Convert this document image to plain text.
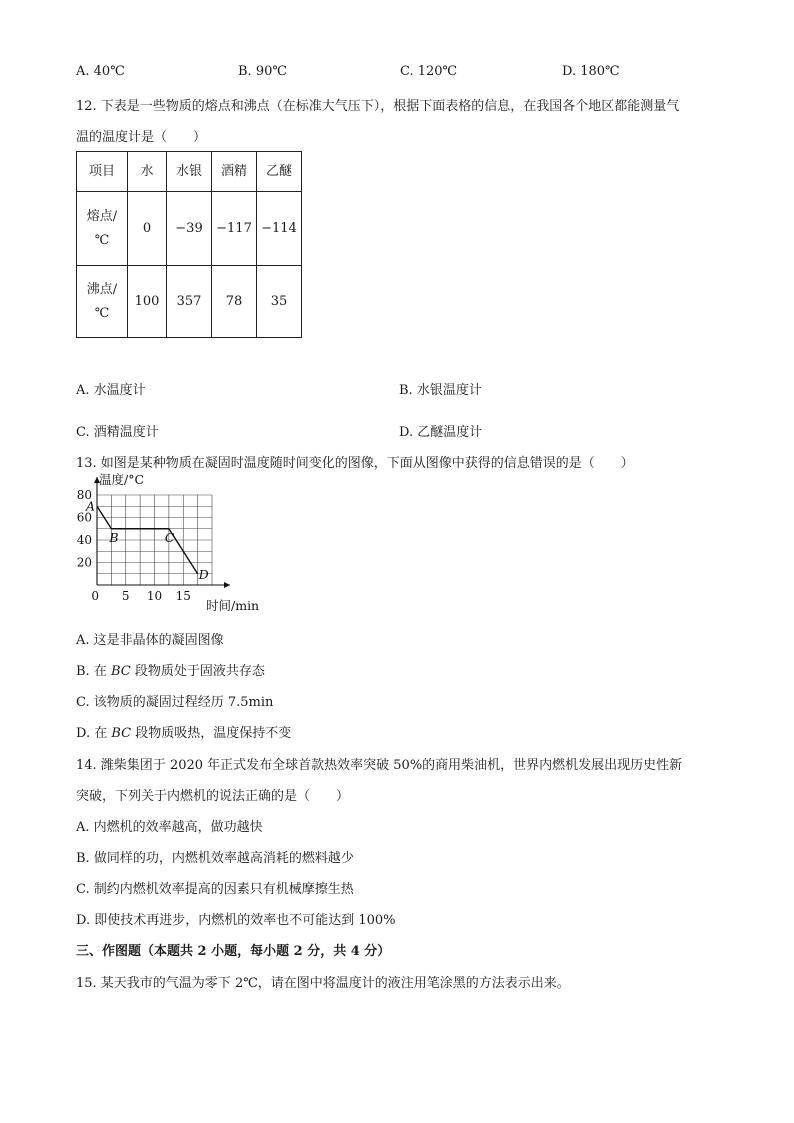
A. 40℃	B. 90℃	C. 120℃	D. 180℃
12. 下表是一些物质的熔点和沸点（在标准大气压下），根据下面表格的信息，在我国各个地区都能测量气
温的温度计是（　　）
项目	水	水银	酒精	乙醚

熔点/
℃	0	−39	−117	−114

沸点/
℃	100	357	78	35
A. 水温度计	B. 水银温度计
C. 酒精温度计	D. 乙醚温度计
13. 如图是某种物质在凝固时温度随时间变化的图像，下面从图像中获得的信息错误的是（　　）
温度/°C
时间/min
20
40
60
80
0 5 10 15
A
B	C
D
A. 这是非晶体的凝固图像
B. 在 BC 段物质处于固液共存态
C. 该物质的凝固过程经历 7.5min
D. 在 BC 段物质吸热，温度保持不变
14. 潍柴集团于 2020 年正式发布全球首款热效率突破 50%的商用柴油机，世界内燃机发展出现历史性新
突破，下列关于内燃机的说法正确的是（　　）
A. 内燃机的效率越高，做功越快
B. 做同样的功，内燃机效率越高消耗的燃料越少
C. 制约内燃机效率提高的因素只有机械摩擦生热
D. 即使技术再进步，内燃机的效率也不可能达到 100%
三、作图题（本题共 2 小题，每小题 2 分，共 4 分）
15. 某天我市的气温为零下 2℃，请在图中将温度计的液注用笔涂黑的方法表示出来。
